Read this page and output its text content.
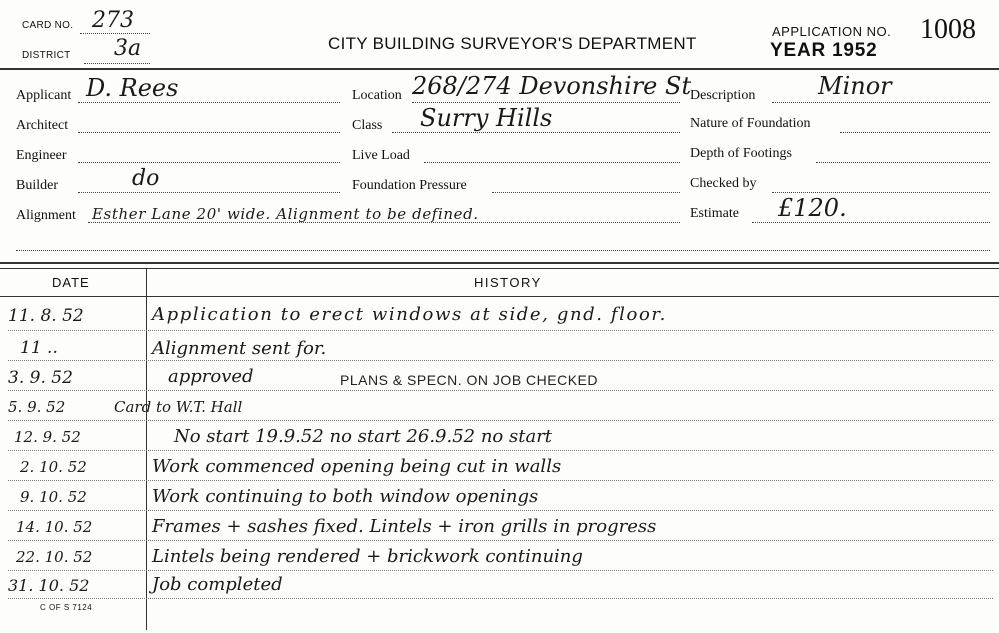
CARD NO. 273
DISTRICT 3a	CITY BUILDING SURVEYOR'S DEPARTMENT
APPLICATION NO. 1008
YEAR 1952
Applicant D. Rees	Location 268/274 Devonshire St
Description	Minor
Architect	Class Surry Hills	Nature of Foundation
Engineer	Live Load	Depth of Footings
Builder	do	Foundation Pressure	Checked by
Alignment Esther Lane 20' wide. Alignment to be defined.	Estimate £120.
DATE	HISTORY
11. 8. 52	Application to erect windows at side, gnd. floor.
11 ..	Alignment sent for.
3. 9. 52	approved	PLANS & SPECN. ON JOB CHECKED
5. 9. 52	Card to W.T. Hall
12. 9. 52	No start 19.9.52 no start 26.9.52 no start
2. 10. 52	Work commenced opening being cut in walls
9. 10. 52	Work continuing to both window openings
14. 10. 52	Frames + sashes fixed. Lintels + iron grills in progress
22. 10. 52	Lintels being rendered + brickwork continuing
31. 10. 52	Job completed
C OF S 7124
